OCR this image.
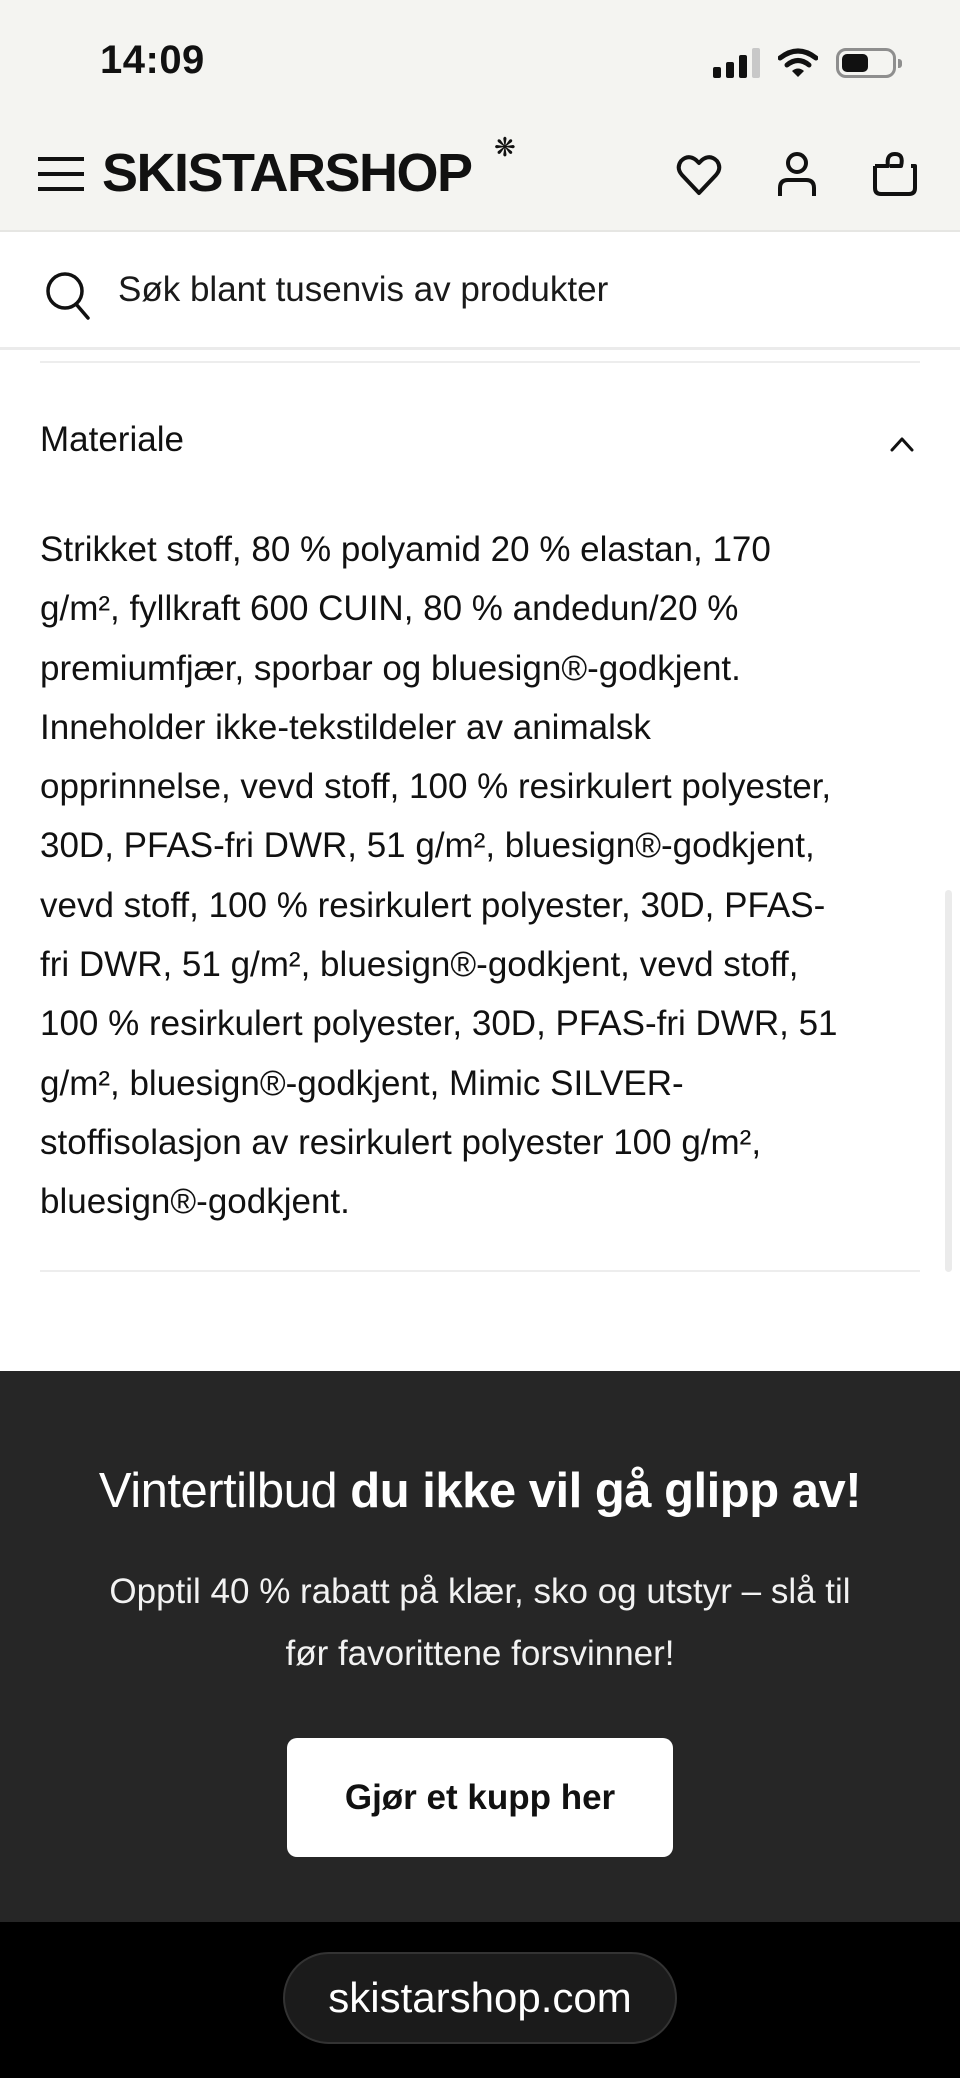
14:09
SKISTARSHOP ❋
Søk blant tusenvis av produkter
Materiale
Strikket stoff, 80 % polyamid 20 % elastan, 170
g/m², fyllkraft 600 CUIN, 80 % andedun/20 %
premiumfjær, sporbar og bluesign®-godkjent.
Inneholder ikke-tekstildeler av animalsk
opprinnelse, vevd stoff, 100 % resirkulert polyester,
30D, PFAS-fri DWR, 51 g/m², bluesign®-godkjent,
vevd stoff, 100 % resirkulert polyester, 30D, PFAS-
fri DWR, 51 g/m², bluesign®-godkjent, vevd stoff,
100 % resirkulert polyester, 30D, PFAS-fri DWR, 51
g/m², bluesign®-godkjent, Mimic SILVER-
stoffisolasjon av resirkulert polyester 100 g/m²,
bluesign®-godkjent.
Vintertilbud du ikke vil gå glipp av!
Opptil 40 % rabatt på klær, sko og utstyr – slå til
før favorittene forsvinner!
Gjør et kupp her
skistarshop.com
